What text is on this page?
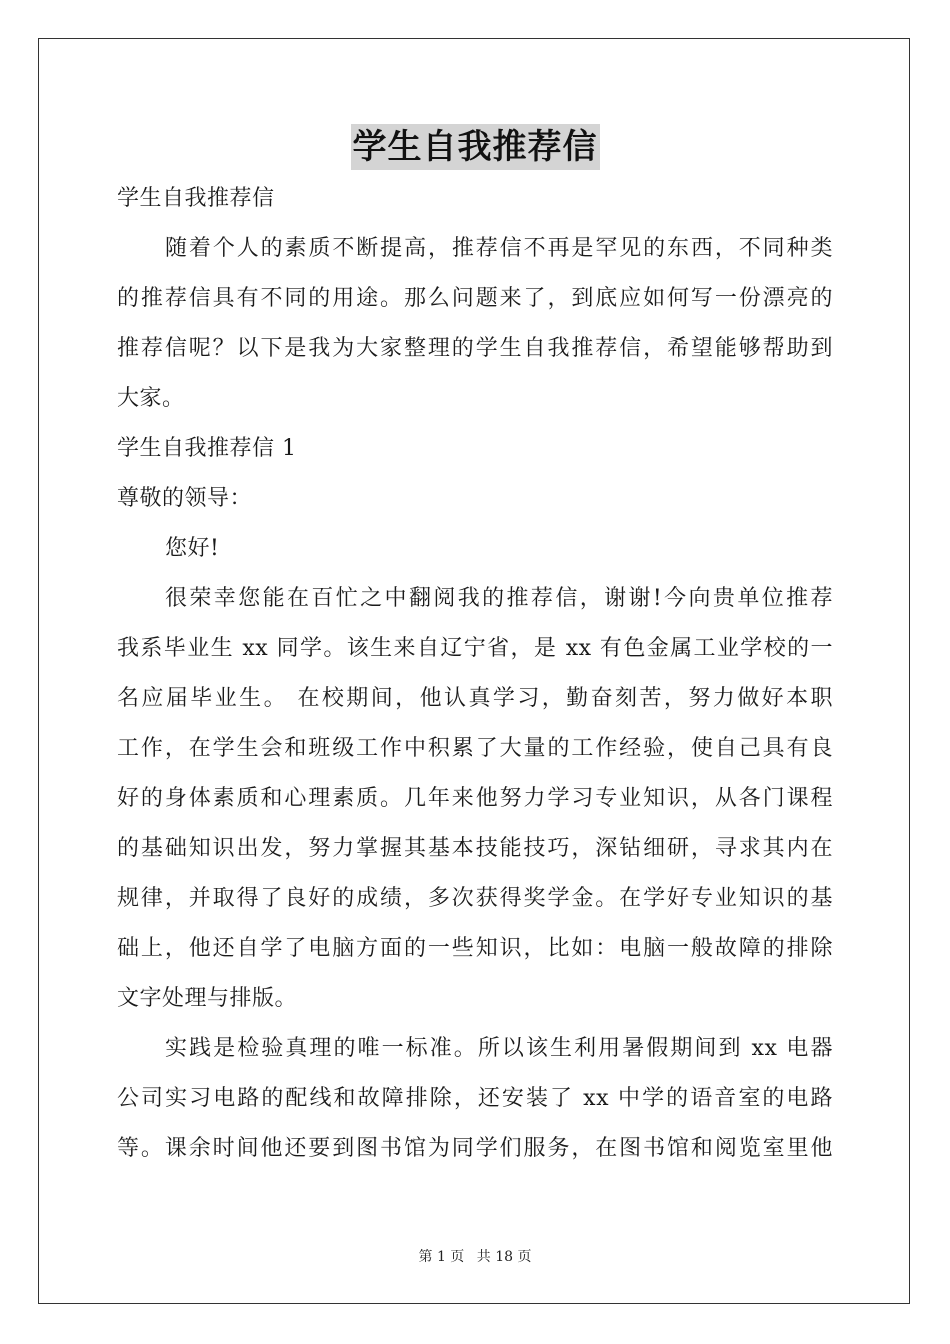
学生自我推荐信
学生自我推荐信
随着个人的素质不断提高，推荐信不再是罕见的东西，不同种类
的推荐信具有不同的用途。那么问题来了，到底应如何写一份漂亮的
推荐信呢？以下是我为大家整理的学生自我推荐信，希望能够帮助到
大家。
学生自我推荐信 1
尊敬的领导：
您好!
很荣幸您能在百忙之中翻阅我的推荐信，谢谢!今向贵单位推荐
我系毕业生 xx 同学。该生来自辽宁省，是 xx 有色金属工业学校的一
名应届毕业生。 在校期间，他认真学习，勤奋刻苦，努力做好本职
工作，在学生会和班级工作中积累了大量的工作经验，使自己具有良
好的身体素质和心理素质。几年来他努力学习专业知识，从各门课程
的基础知识出发，努力掌握其基本技能技巧，深钻细研，寻求其内在
规律，并取得了良好的成绩，多次获得奖学金。在学好专业知识的基
础上，他还自学了电脑方面的一些知识，比如：电脑一般故障的排除
文字处理与排版。
实践是检验真理的唯一标准。所以该生利用暑假期间到 xx 电器
公司实习电路的配线和故障排除，还安装了 xx 中学的语音室的电路
等。课余时间他还要到图书馆为同学们服务，在图书馆和阅览室里他
第 1 页 共 18 页
